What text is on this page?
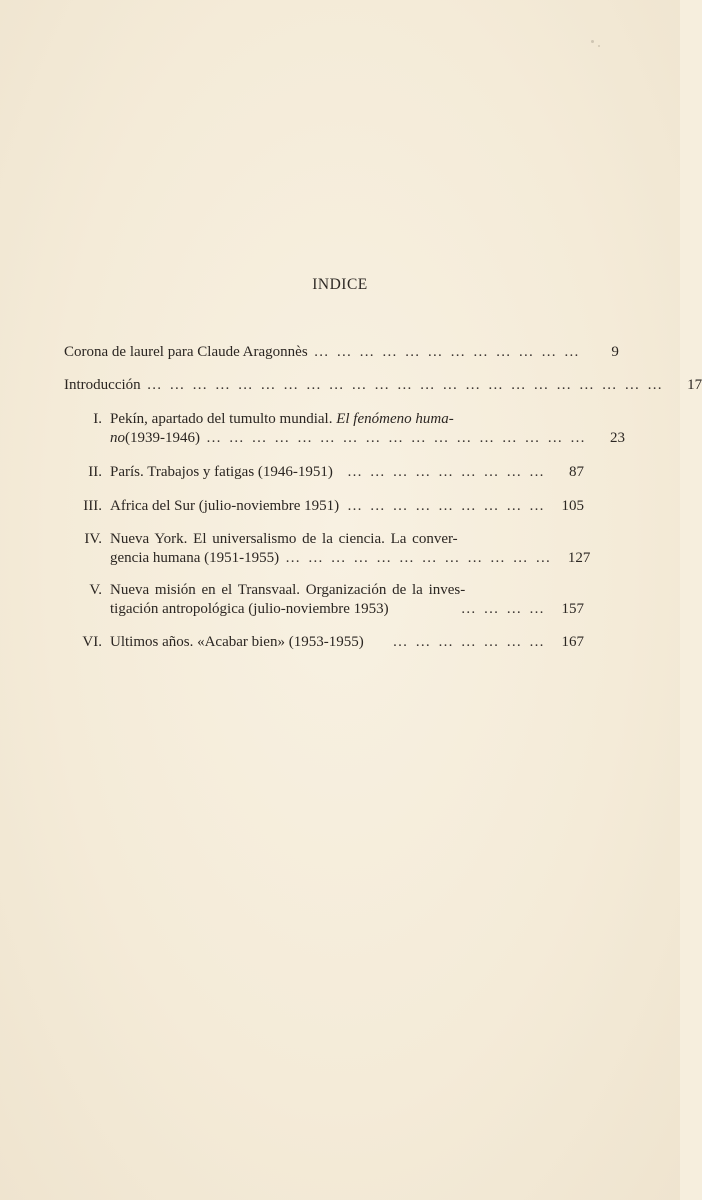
INDICE
Corona de laurel para Claude Aragonnès … … … … … … … … … … … …	9
Introducción … … … … … … … … … … … … … … … … … … … … … … …	17
I. Pekín, apartado del tumulto mundial. El fenómeno huma-
no (1939-1946) … … … … … … … … … … … … … … … … …	23
II. París. Trabajos y fatigas (1946-1951) … … … … … … … … …	87
III. Africa del Sur (julio-noviembre 1951) … … … … … … … … …	105
IV. Nueva York. El universalismo de la ciencia. La conver-
gencia humana (1951-1955) … … … … … … … … … … … …	127
V. Nueva misión en el Transvaal. Organización de la inves-
tigación antropológica (julio-noviembre 1953)	… … … …	157
VI. Ultimos años. «Acabar bien» (1953-1955)	… … … … … … …	167
